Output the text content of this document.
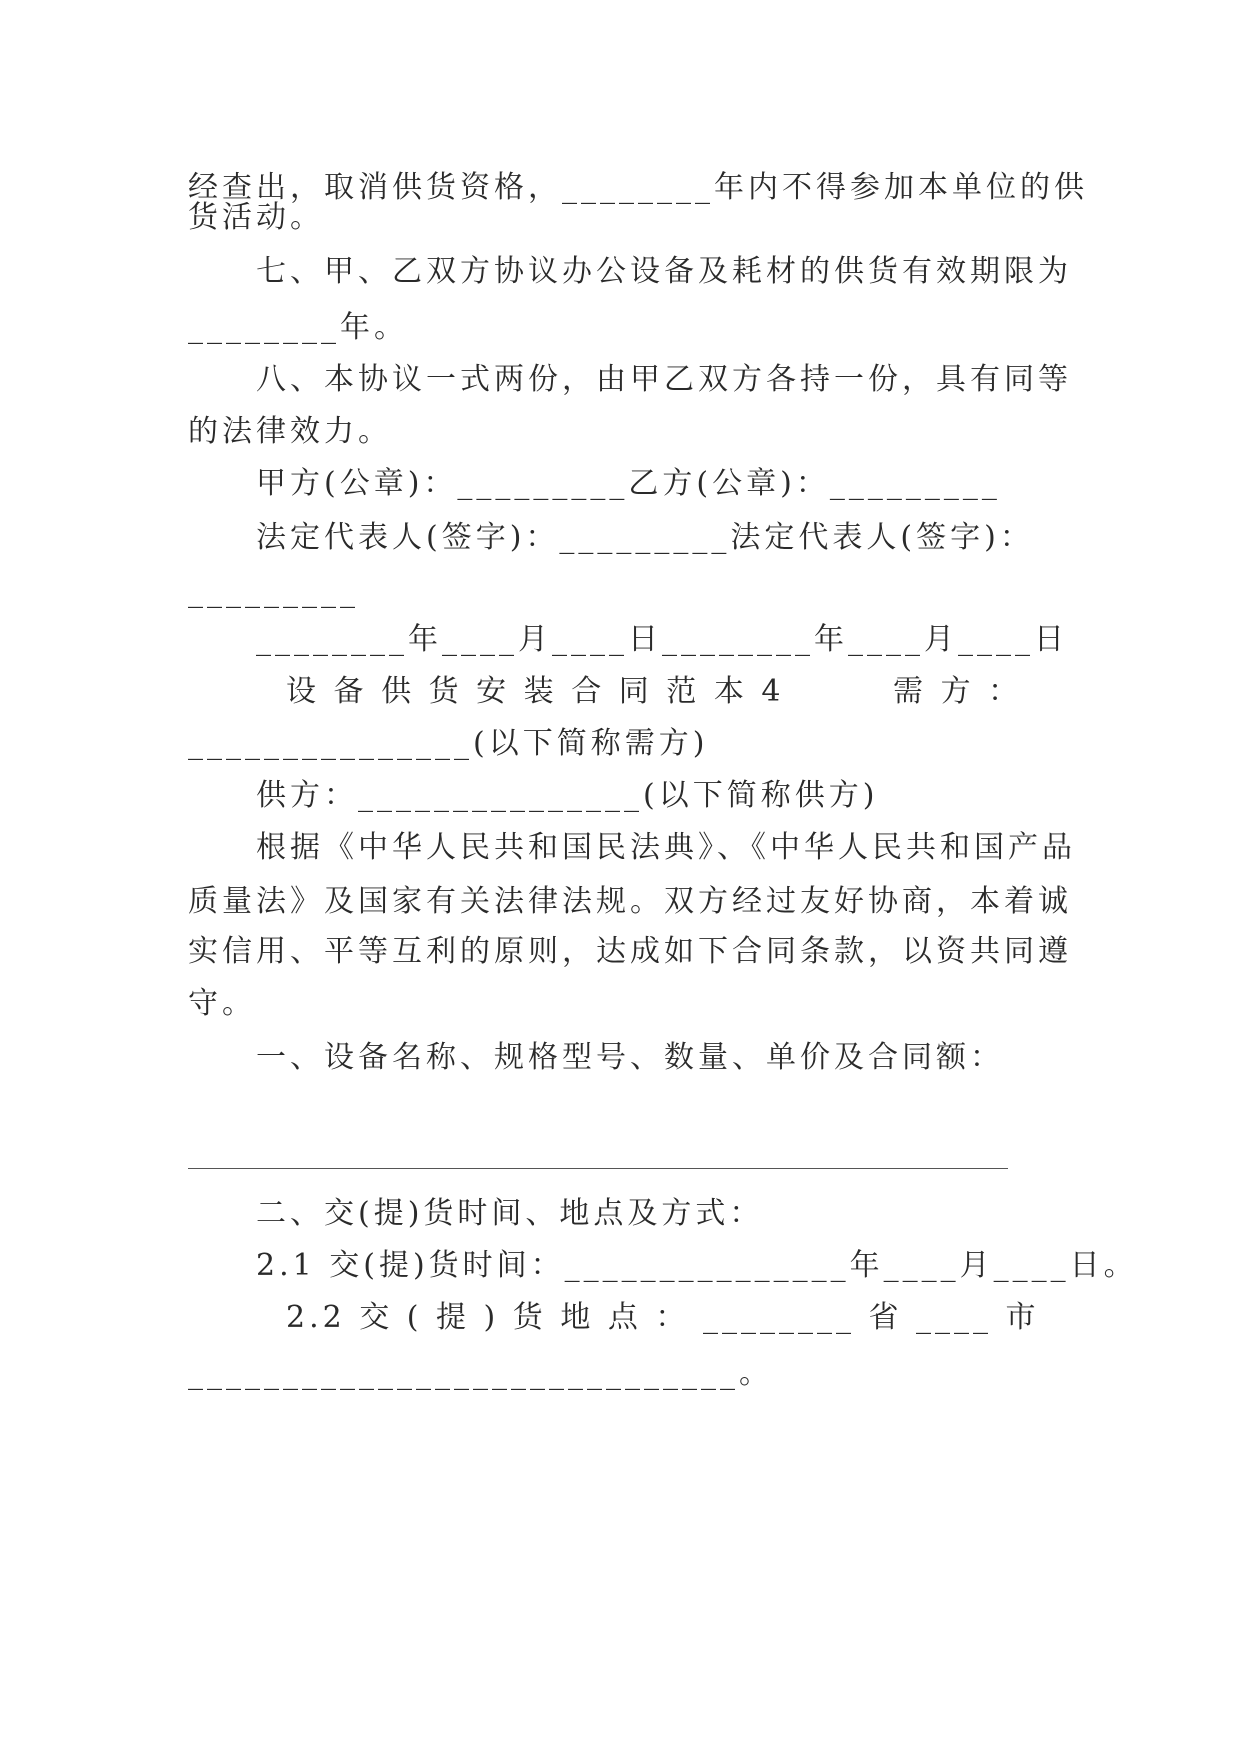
经查出，取消供货资格，________年内不得参加本单位的供
货活动。
七、甲、乙双方协议办公设备及耗材的供货有效期限为
________年。
八、本协议一式两份，由甲乙双方各持一份，具有同等
的法律效力。
甲方(公章)：_________乙方(公章)：_________
法定代表人(签字)：_________法定代表人(签字)：
_________
________年____月____日________年____月____日
设 备 供 货 安 装 合 同 范 本 4 　 　 需 方 ：
_______________(以下简称需方)
供方：_______________(以下简称供方)
根据《中华人民共和国民法典》、《中华人民共和国产品
质量法》及国家有关法律法规。双方经过友好协商，本着诚
实信用、平等互利的原则，达成如下合同条款，以资共同遵
守。
一、设备名称、规格型号、数量、单价及合同额：
二、交(提)货时间、地点及方式：
2.1 交(提)货时间：_______________年____月____日。
2.2 交 ( 提 ) 货 地 点 ： ________ 省 ____ 市
_____________________________。
